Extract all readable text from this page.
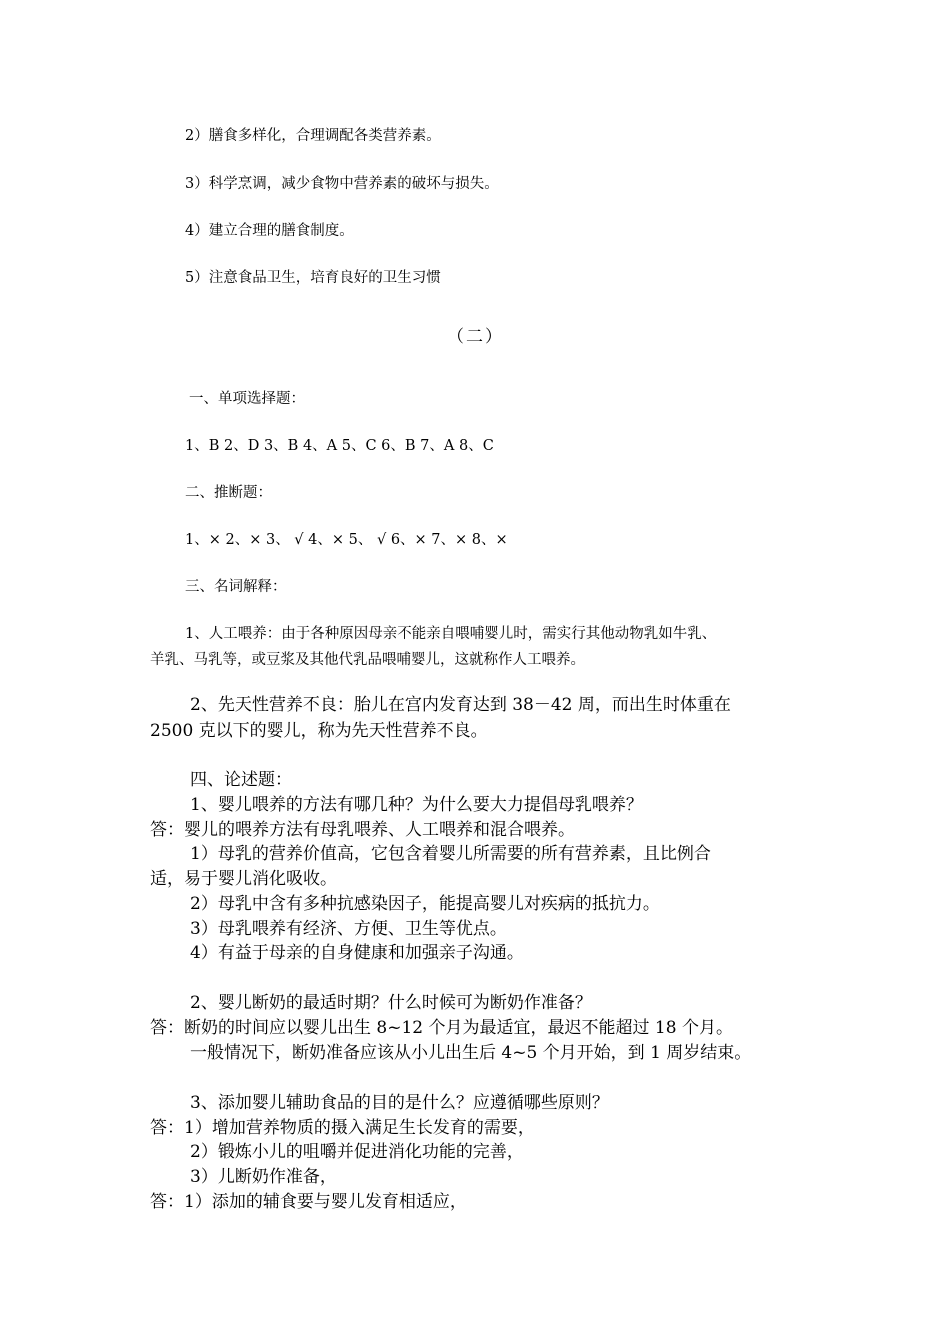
2）膳食多样化，合理调配各类营养素。
3）科学烹调，减少食物中营养素的破坏与损失。
4）建立合理的膳食制度。
5）注意食品卫生，培育良好的卫生习惯
（二）
一、单项选择题：
1、B 2、D 3、B 4、A 5、C 6、B 7、A 8、C
二、推断题：
1、× 2、× 3、 √ 4、× 5、 √ 6、× 7、× 8、×
三、名词解释：
1、人工喂养：由于各种原因母亲不能亲自喂哺婴儿时，需实行其他动物乳如牛乳、
羊乳、马乳等，或豆浆及其他代乳品喂哺婴儿，这就称作人工喂养。
2、先天性营养不良：胎儿在宫内发育达到 38－42 周，而出生时体重在
2500 克以下的婴儿，称为先天性营养不良。
四、论述题：
1、婴儿喂养的方法有哪几种？为什么要大力提倡母乳喂养？
答：婴儿的喂养方法有母乳喂养、人工喂养和混合喂养。
1）母乳的营养价值高，它包含着婴儿所需要的所有营养素，且比例合
适，易于婴儿消化吸收。
2）母乳中含有多种抗感染因子，能提高婴儿对疾病的抵抗力。
3）母乳喂养有经济、方便、卫生等优点。
4）有益于母亲的自身健康和加强亲子沟通。
2、婴儿断奶的最适时期？什么时候可为断奶作准备？
答：断奶的时间应以婴儿出生 8~12 个月为最适宜，最迟不能超过 18 个月。
一般情况下，断奶准备应该从小儿出生后 4~5 个月开始，到 1 周岁结束。
3、添加婴儿辅助食品的目的是什么？应遵循哪些原则？
答：1）增加营养物质的摄入满足生长发育的需要，
2）锻炼小儿的咀嚼并促进消化功能的完善，
3）儿断奶作准备，
答：1）添加的辅食要与婴儿发育相适应，
